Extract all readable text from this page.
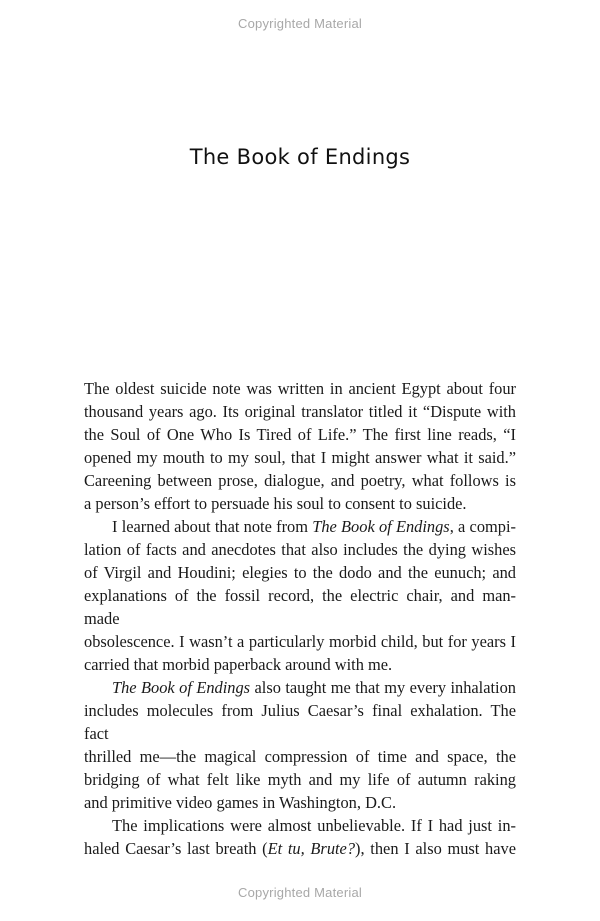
Copyrighted Material
The Book of Endings

The oldest suicide note was written in ancient Egypt about four

thousand years ago. Its original translator titled it “Dispute with

the Soul of One Who Is Tired of Life.” The first line reads, “I

opened my mouth to my soul, that I might answer what it said.”

Careening between prose, dialogue, and poetry, what follows is

a person’s effort to persuade his soul to consent to suicide.

I learned about that note from The Book of Endings, a compi-

lation of facts and anecdotes that also includes the dying wishes

of Virgil and Houdini; elegies to the dodo and the eunuch; and

explanations of the fossil record, the electric chair, and man-made

obsolescence. I wasn’t a particularly morbid child, but for years I

carried that morbid paperback around with me.

The Book of Endings also taught me that my every inhalation

includes molecules from Julius Caesar’s final exhalation. The fact

thrilled me—the magical compression of time and space, the

bridging of what felt like myth and my life of autumn raking

and primitive video games in Washington, D.C.

The implications were almost unbelievable. If I had just in-

haled Caesar’s last breath (Et tu, Brute?), then I also must have

Copyrighted Material
